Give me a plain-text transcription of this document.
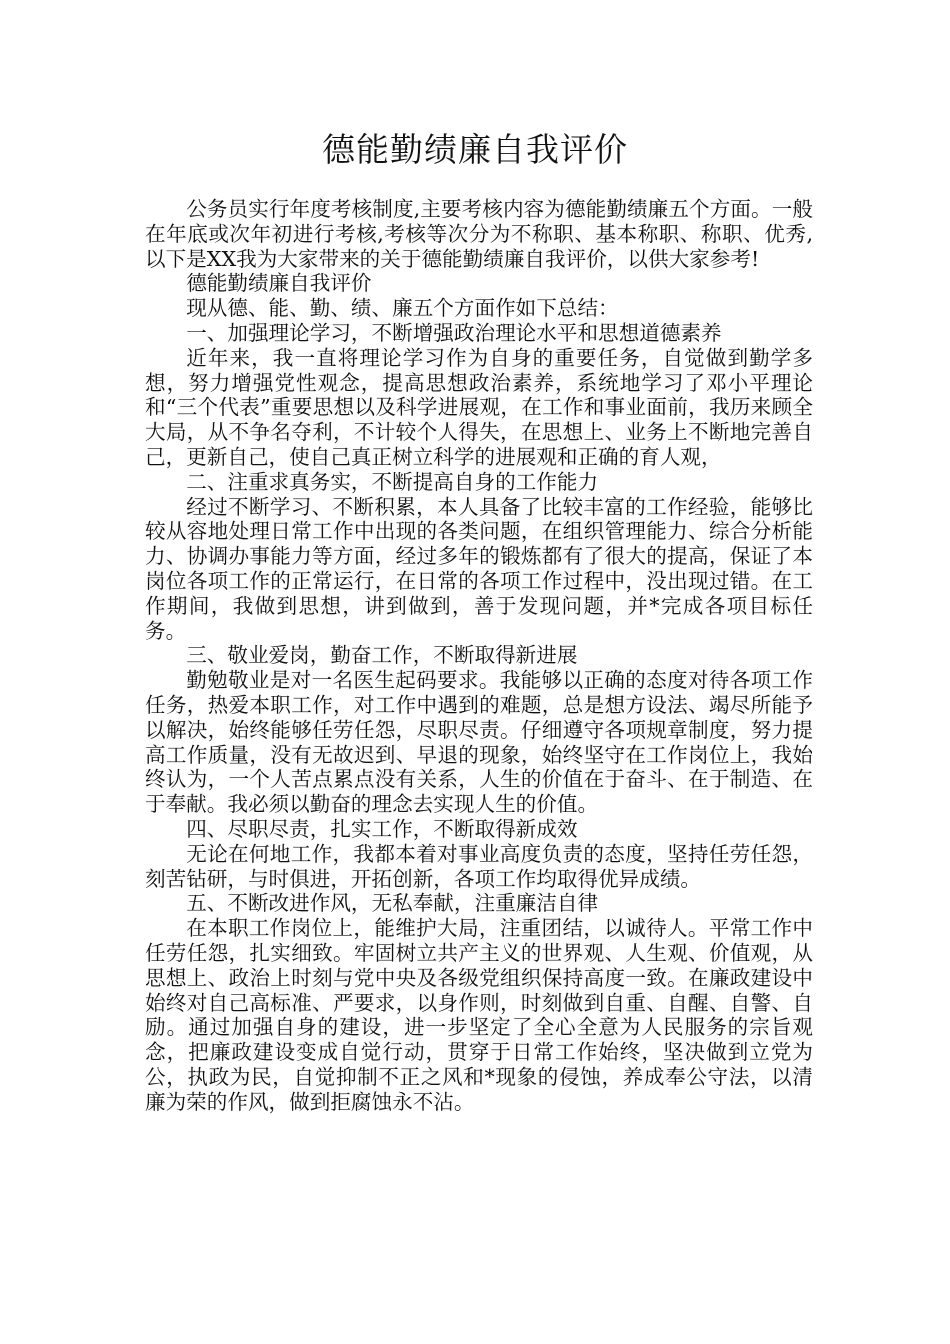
德能勤绩廉自我评价

公务员实行年度考核制度,主要考核内容为德能勤绩廉五个方面。一般在年底或次年初进行考核,考核等次分为不称职、基本称职、称职、优秀,以下是XX我为大家带来的关于德能勤绩廉自我评价，以供大家参考!

德能勤绩廉自我评价

现从德、能、勤、绩、廉五个方面作如下总结：

一、加强理论学习，不断增强政治理论水平和思想道德素养

近年来，我一直将理论学习作为自身的重要任务，自觉做到勤学多想，努力增强党性观念，提高思想政治素养，系统地学习了邓小平理论和“三个代表”重要思想以及科学进展观，在工作和事业面前，我历来顾全大局，从不争名夺利，不计较个人得失，在思想上、业务上不断地完善自己，更新自己，使自己真正树立科学的进展观和正确的育人观，

二、注重求真务实，不断提高自身的工作能力

经过不断学习、不断积累，本人具备了比较丰富的工作经验，能够比较从容地处理日常工作中出现的各类问题，在组织管理能力、综合分析能力、协调办事能力等方面，经过多年的锻炼都有了很大的提高，保证了本岗位各项工作的正常运行，在日常的各项工作过程中，没出现过错。在工作期间，我做到思想，讲到做到，善于发现问题，并*完成各项目标任务。

三、敬业爱岗，勤奋工作，不断取得新进展

勤勉敬业是对一名医生起码要求。我能够以正确的态度对待各项工作任务，热爱本职工作，对工作中遇到的难题，总是想方设法、竭尽所能予以解决，始终能够任劳任怨，尽职尽责。仔细遵守各项规章制度，努力提高工作质量，没有无故迟到、早退的现象，始终坚守在工作岗位上，我始终认为，一个人苦点累点没有关系，人生的价值在于奋斗、在于制造、在于奉献。我必须以勤奋的理念去实现人生的价值。

四、尽职尽责，扎实工作，不断取得新成效

无论在何地工作，我都本着对事业高度负责的态度，坚持任劳任怨，刻苦钻研，与时俱进，开拓创新，各项工作均取得优异成绩。

五、不断改进作风，无私奉献，注重廉洁自律

在本职工作岗位上，能维护大局，注重团结，以诚待人。平常工作中任劳任怨，扎实细致。牢固树立共产主义的世界观、人生观、价值观，从思想上、政治上时刻与党中央及各级党组织保持高度一致。在廉政建设中始终对自己高标准、严要求，以身作则，时刻做到自重、自醒、自警、自励。通过加强自身的建设，进一步坚定了全心全意为人民服务的宗旨观念，把廉政建设变成自觉行动，贯穿于日常工作始终，坚决做到立党为公，执政为民，自觉抑制不正之风和*现象的侵蚀，养成奉公守法，以清廉为荣的作风，做到拒腐蚀永不沾。
